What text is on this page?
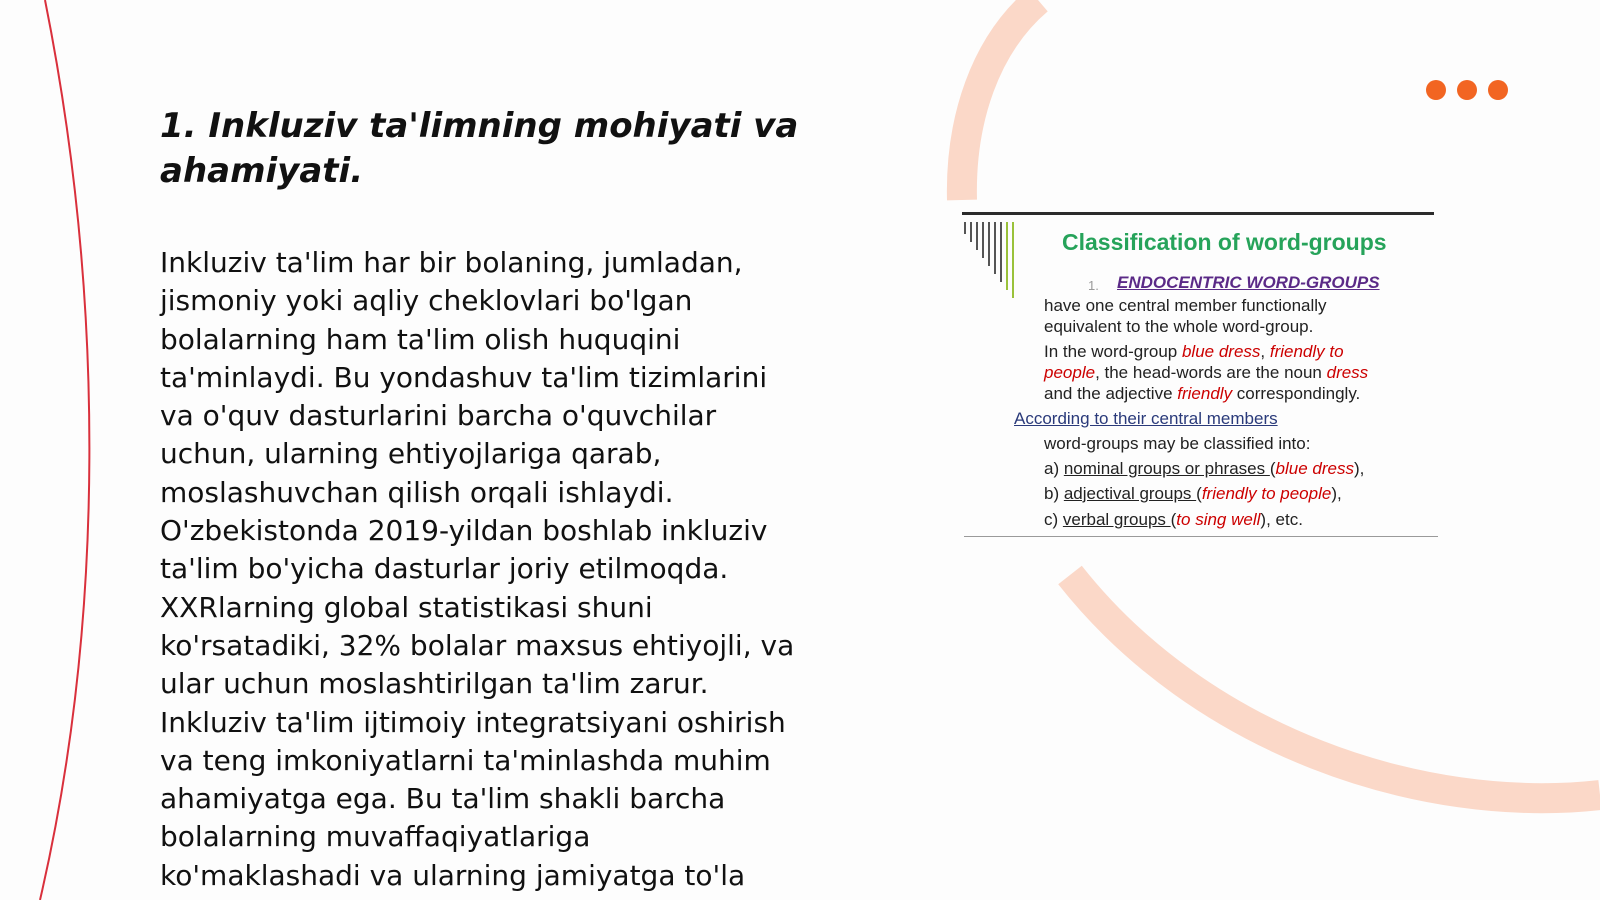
1. Inkluziv ta'limning mohiyati va
ahamiyati.
Inkluziv ta'lim har bir bolaning, jumladan,
jismoniy yoki aqliy cheklovlari bo'lgan
bolalarning ham ta'lim olish huquqini
ta'minlaydi. Bu yondashuv ta'lim tizimlarini
va o'quv dasturlarini barcha o'quvchilar
uchun, ularning ehtiyojlariga qarab,
moslashuvchan qilish orqali ishlaydi.
O'zbekistonda 2019-yildan boshlab inkluziv
ta'lim bo'yicha dasturlar joriy etilmoqda.
XXRlarning global statistikasi shuni
ko'rsatadiki, 32% bolalar maxsus ehtiyojli, va
ular uchun moslashtirilgan ta'lim zarur.
Inkluziv ta'lim ijtimoiy integratsiyani oshirish
va teng imkoniyatlarni ta'minlashda muhim
ahamiyatga ega. Bu ta'lim shakli barcha
bolalarning muvaffaqiyatlariga
ko'maklashadi va ularning jamiyatga to'la
Classification of word-groups
1. ENDOCENTRIC WORD-GROUPS
have one central member functionally
equivalent to the whole word-group.
In the word-group blue dress, friendly to
people, the head-words are the noun dress
and the adjective friendly correspondingly.
According to their central members
word-groups may be classified into:
a) nominal groups or phrases (blue dress),
b) adjectival groups (friendly to people),
c) verbal groups (to sing well), etc.
